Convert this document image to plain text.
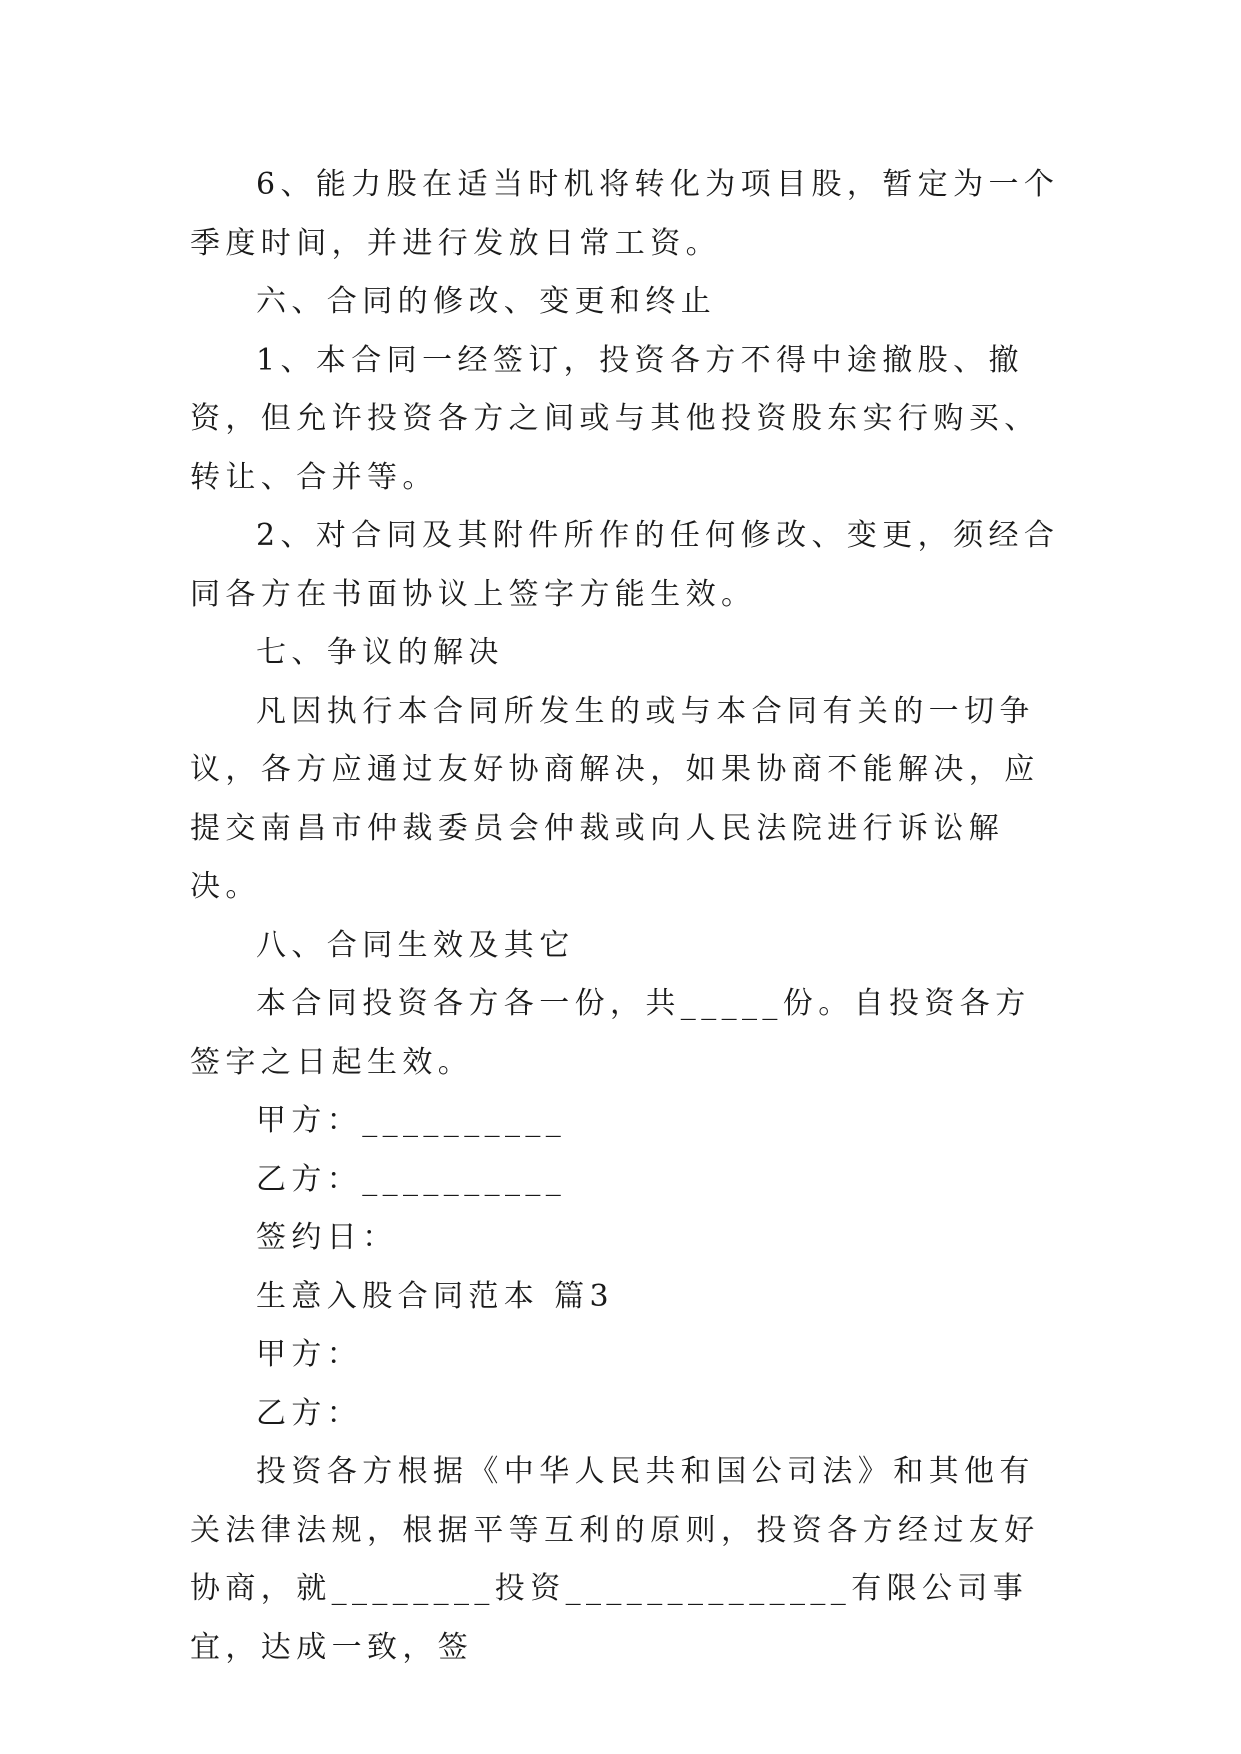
6、能力股在适当时机将转化为项目股，暂定为一个季度时间，并进行发放日常工资。

六、合同的修改、变更和终止

1、本合同一经签订，投资各方不得中途撤股、撤资，但允许投资各方之间或与其他投资股东实行购买、转让、合并等。

2、对合同及其附件所作的任何修改、变更，须经合同各方在书面协议上签字方能生效。

七、争议的解决

凡因执行本合同所发生的或与本合同有关的一切争议，各方应通过友好协商解决，如果协商不能解决，应提交南昌市仲裁委员会仲裁或向人民法院进行诉讼解决。

八、合同生效及其它

本合同投资各方各一份，共_____份。自投资各方签字之日起生效。

甲方：__________

乙方：__________

签约日：

生意入股合同范本 篇3

甲方：

乙方：

投资各方根据《中华人民共和国公司法》和其他有关法律法规，根据平等互利的原则，投资各方经过友好协商，就________投资______________有限公司事宜，达成一致，签
